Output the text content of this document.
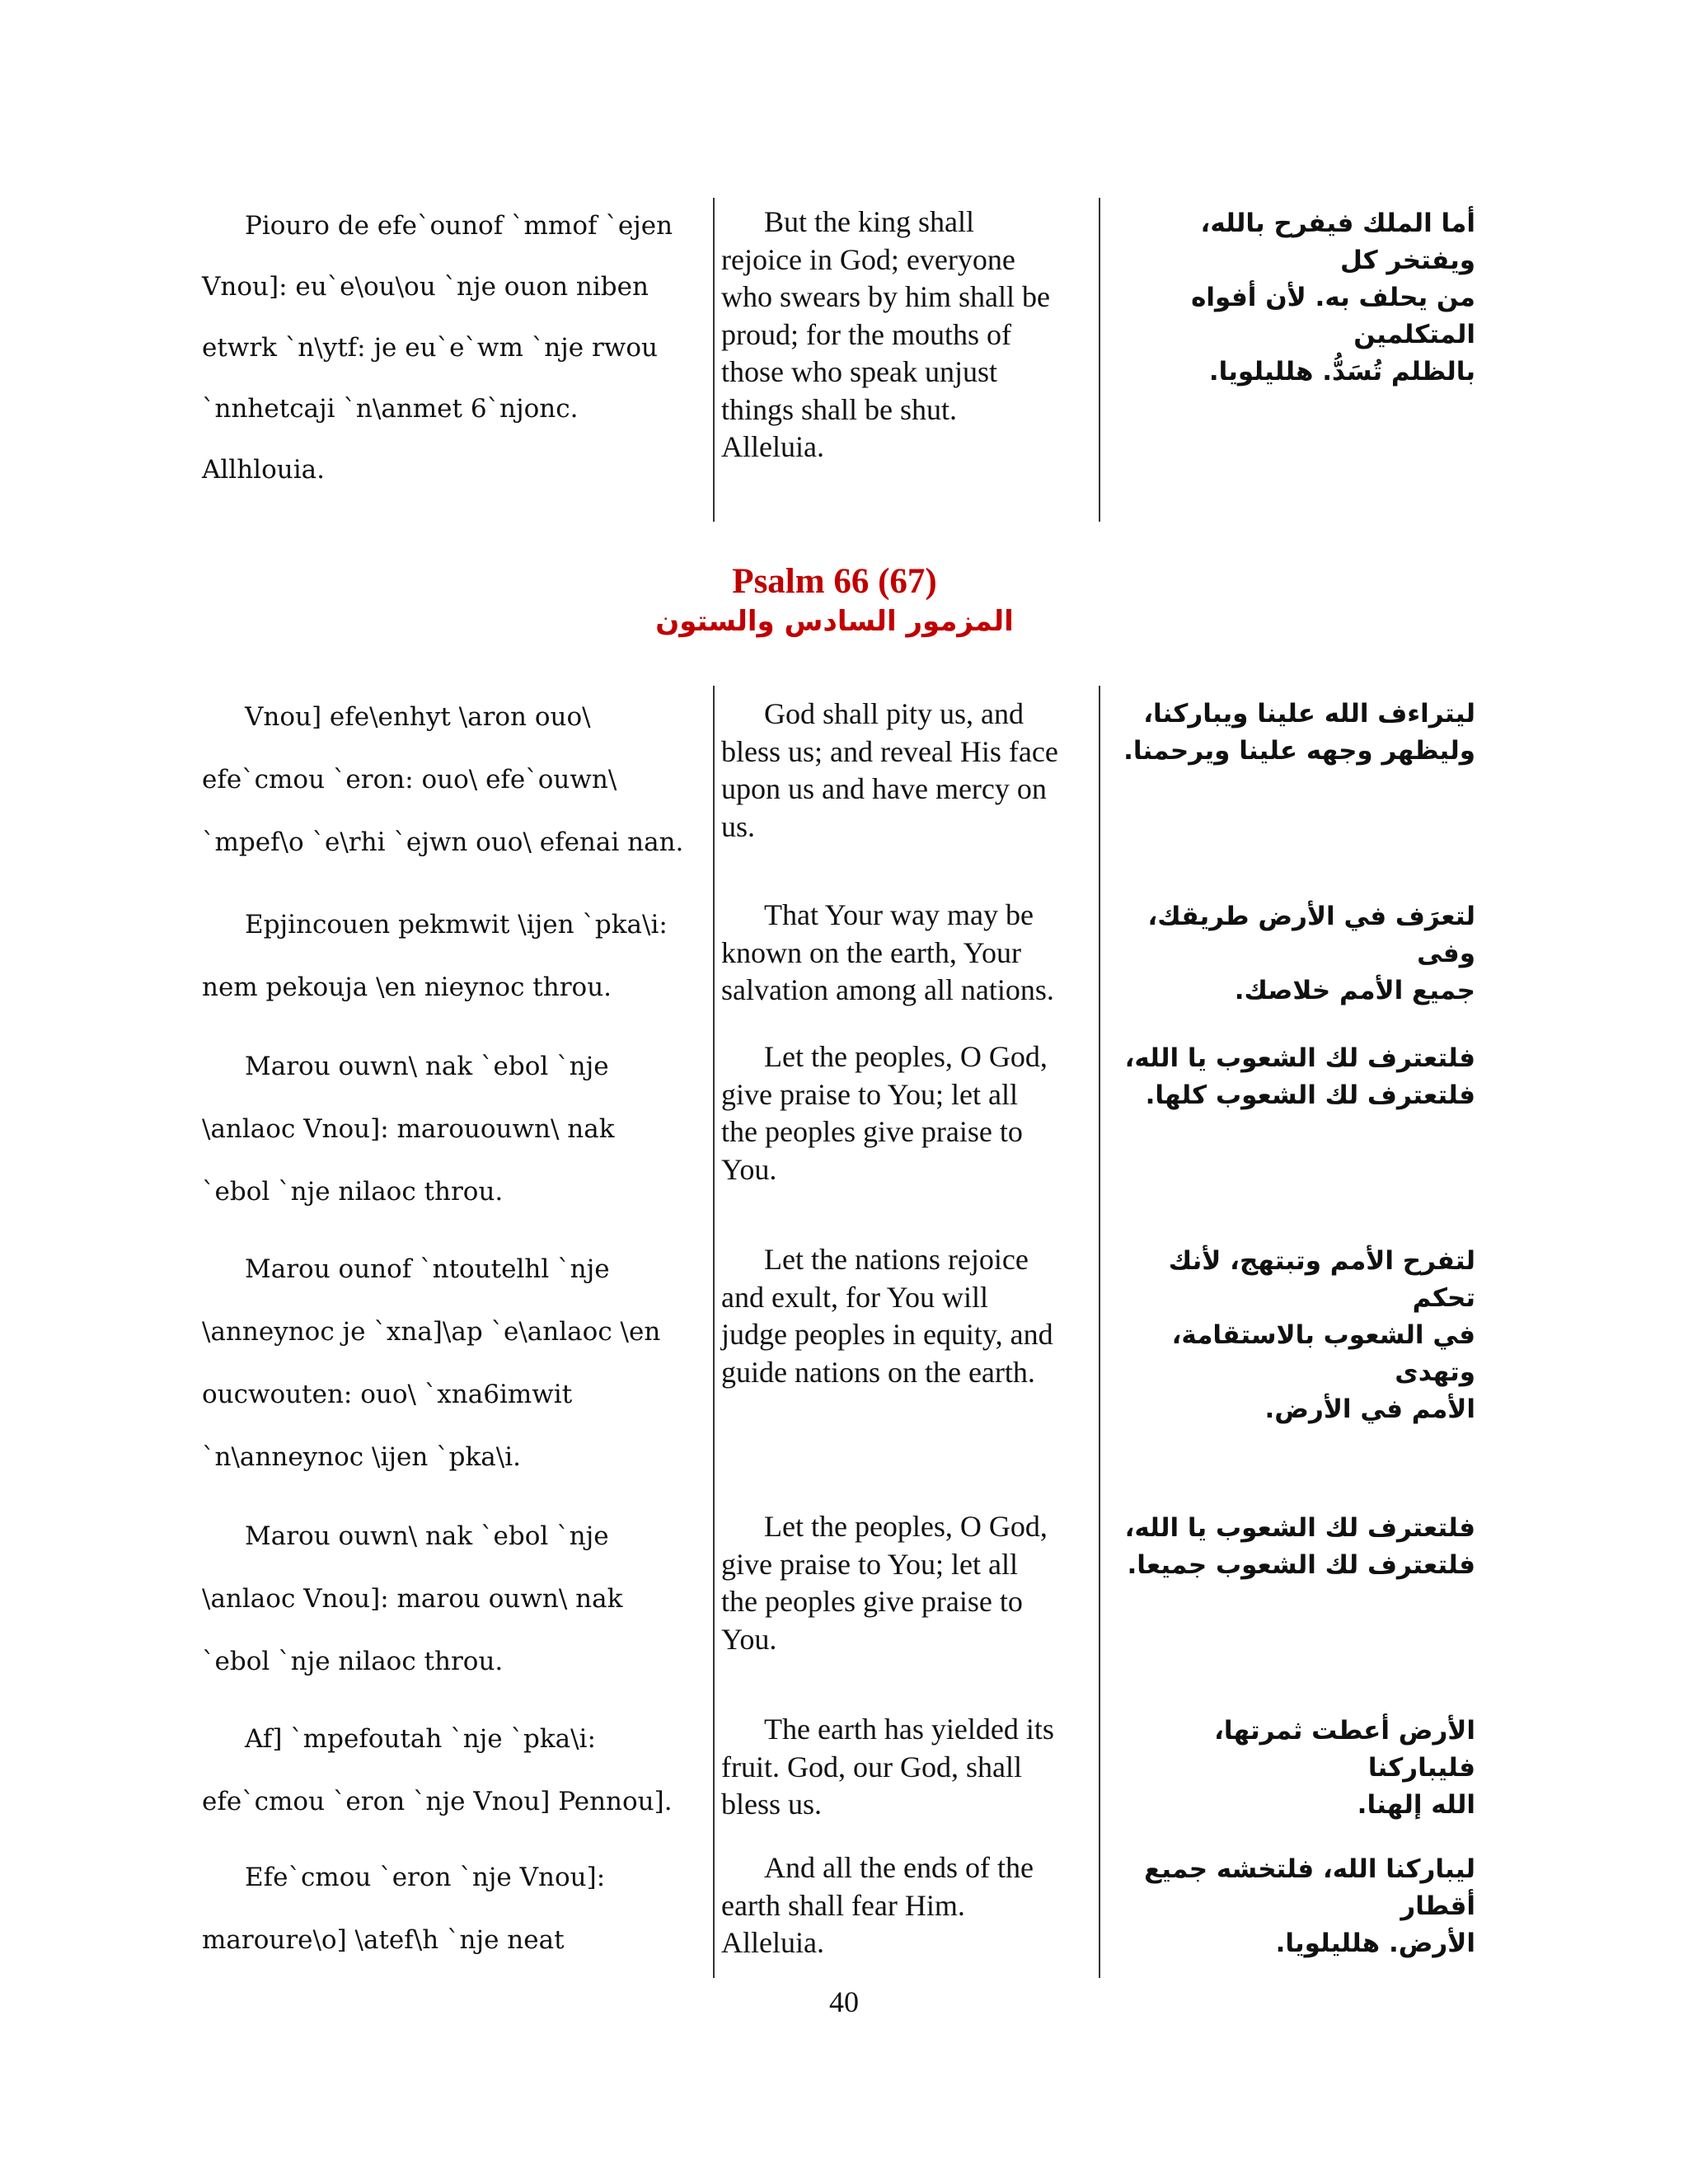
Piouro de efe`ounof `mmof `ejen
Vnou]: eu`e\ou\ou `nje ouon niben
etwrk `n\ytf: je eu`e`wm `nje rwou
`nnhetcaji `n\anmet 6`njonc.
Allhlouia.
But the king shall
rejoice in God; everyone
who swears by him shall be
proud; for the mouths of
those who speak unjust
things shall be shut.
Alleluia.
أما الملك فيفرح بالله، ويفتخر كل
من يحلف به. لأن أفواه المتكلمين
بالظلم تُسَدُّ. هلليلويا.
Psalm 66 (67)
المزمور السادس والستون
Vnou] efe\enhyt \aron ouo\
efe`cmou `eron: ouo\ efe`ouwn\
`mpef\o `e\rhi `ejwn ouo\ efenai nan.
God shall pity us, and
bless us; and reveal His face
upon us and have mercy on
us.
ليتراءف الله علينا ويباركنا،
وليظهر وجهه علينا ويرحمنا.
Epjincouen pekmwit \ijen `pka\i:
nem pekouja \en nieynoc throu.
That Your way may be
known on the earth, Your
salvation among all nations.
لتعرَف في الأرض طريقك، وفى
جميع الأمم خلاصك.
Marou ouwn\ nak `ebol `nje
\anlaoc Vnou]: marououwn\ nak
`ebol `nje nilaoc throu.
Let the peoples, O God,
give praise to You; let all
the peoples give praise to
You.
فلتعترف لك الشعوب يا الله،
فلتعترف لك الشعوب كلها.
Marou ounof `ntoutelhl `nje
\anneynoc je `xna]\ap `e\anlaoc \en
oucwouten: ouo\ `xna6imwit
`n\anneynoc \ijen `pka\i.
Let the nations rejoice
and exult, for You will
judge peoples in equity, and
guide nations on the earth.
لتفرح الأمم وتبتهج، لأنك تحكم
في الشعوب بالاستقامة، وتهدى
الأمم في الأرض.
Marou ouwn\ nak `ebol `nje
\anlaoc Vnou]: marou ouwn\ nak
`ebol `nje nilaoc throu.
Let the peoples, O God,
give praise to You; let all
the peoples give praise to
You.
فلتعترف لك الشعوب يا الله،
فلتعترف لك الشعوب جميعا.
Af] `mpefoutah `nje `pka\i:
efe`cmou `eron `nje Vnou] Pennou].
The earth has yielded its
fruit. God, our God, shall
bless us.
الأرض أعطت ثمرتها، فليباركنا
الله إلهنا.
Efe`cmou `eron `nje Vnou]:
maroure\o] \atef\h `nje neat
And all the ends of the
earth shall fear Him.
Alleluia.
ليباركنا الله، فلتخشه جميع أقطار
الأرض. هلليلويا.
40
